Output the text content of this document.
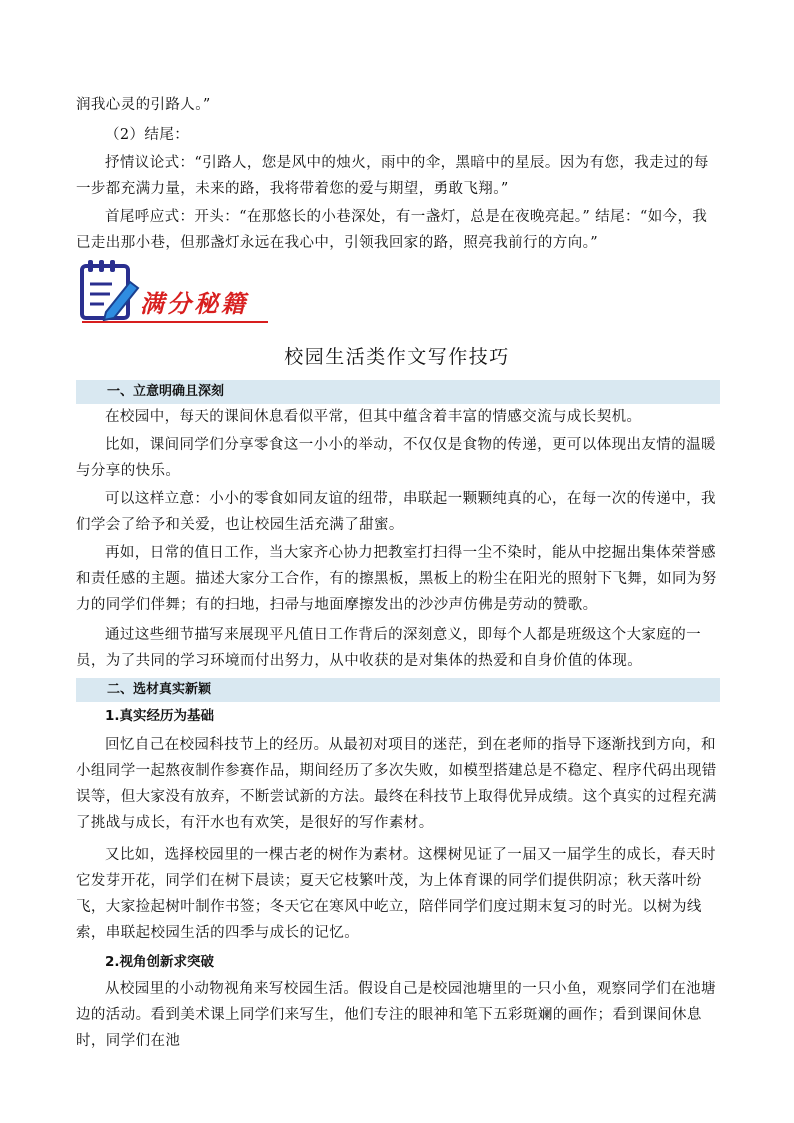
润我心灵的引路人。”

（2）结尾：

抒情议论式：“引路人，您是风中的烛火，雨中的伞，黑暗中的星辰。因为有您，我走过的每一步都充满力量，未来的路，我将带着您的爱与期望，勇敢飞翔。”

首尾呼应式：开头：“在那悠长的小巷深处，有一盏灯，总是在夜晚亮起。” 结尾：“如今，我已走出那小巷，但那盏灯永远在我心中，引领我回家的路，照亮我前行的方向。”

满分秘籍
校园生活类作文写作技巧
一、立意明确且深刻

在校园中，每天的课间休息看似平常，但其中蕴含着丰富的情感交流与成长契机。

比如，课间同学们分享零食这一小小的举动，不仅仅是食物的传递，更可以体现出友情的温暖与分享的快乐。

可以这样立意：小小的零食如同友谊的纽带，串联起一颗颗纯真的心，在每一次的传递中，我们学会了给予和关爱，也让校园生活充满了甜蜜。

再如，日常的值日工作，当大家齐心协力把教室打扫得一尘不染时，能从中挖掘出集体荣誉感和责任感的主题。描述大家分工合作，有的擦黑板，黑板上的粉尘在阳光的照射下飞舞，如同为努力的同学们伴舞；有的扫地，扫帚与地面摩擦发出的沙沙声仿佛是劳动的赞歌。

通过这些细节描写来展现平凡值日工作背后的深刻意义，即每个人都是班级这个大家庭的一员，为了共同的学习环境而付出努力，从中收获的是对集体的热爱和自身价值的体现。

二、选材真实新颖
1.真实经历为基础

回忆自己在校园科技节上的经历。从最初对项目的迷茫，到在老师的指导下逐渐找到方向，和小组同学一起熬夜制作参赛作品，期间经历了多次失败，如模型搭建总是不稳定、程序代码出现错误等，但大家没有放弃，不断尝试新的方法。最终在科技节上取得优异成绩。这个真实的过程充满了挑战与成长，有汗水也有欢笑，是很好的写作素材。

又比如，选择校园里的一棵古老的树作为素材。这棵树见证了一届又一届学生的成长，春天时它发芽开花，同学们在树下晨读；夏天它枝繁叶茂，为上体育课的同学们提供阴凉；秋天落叶纷飞，大家捡起树叶制作书签；冬天它在寒风中屹立，陪伴同学们度过期末复习的时光。以树为线索，串联起校园生活的四季与成长的记忆。

2.视角创新求突破

从校园里的小动物视角来写校园生活。假设自己是校园池塘里的一只小鱼，观察同学们在池塘边的活动。看到美术课上同学们来写生，他们专注的眼神和笔下五彩斑斓的画作；看到课间休息时，同学们在池
